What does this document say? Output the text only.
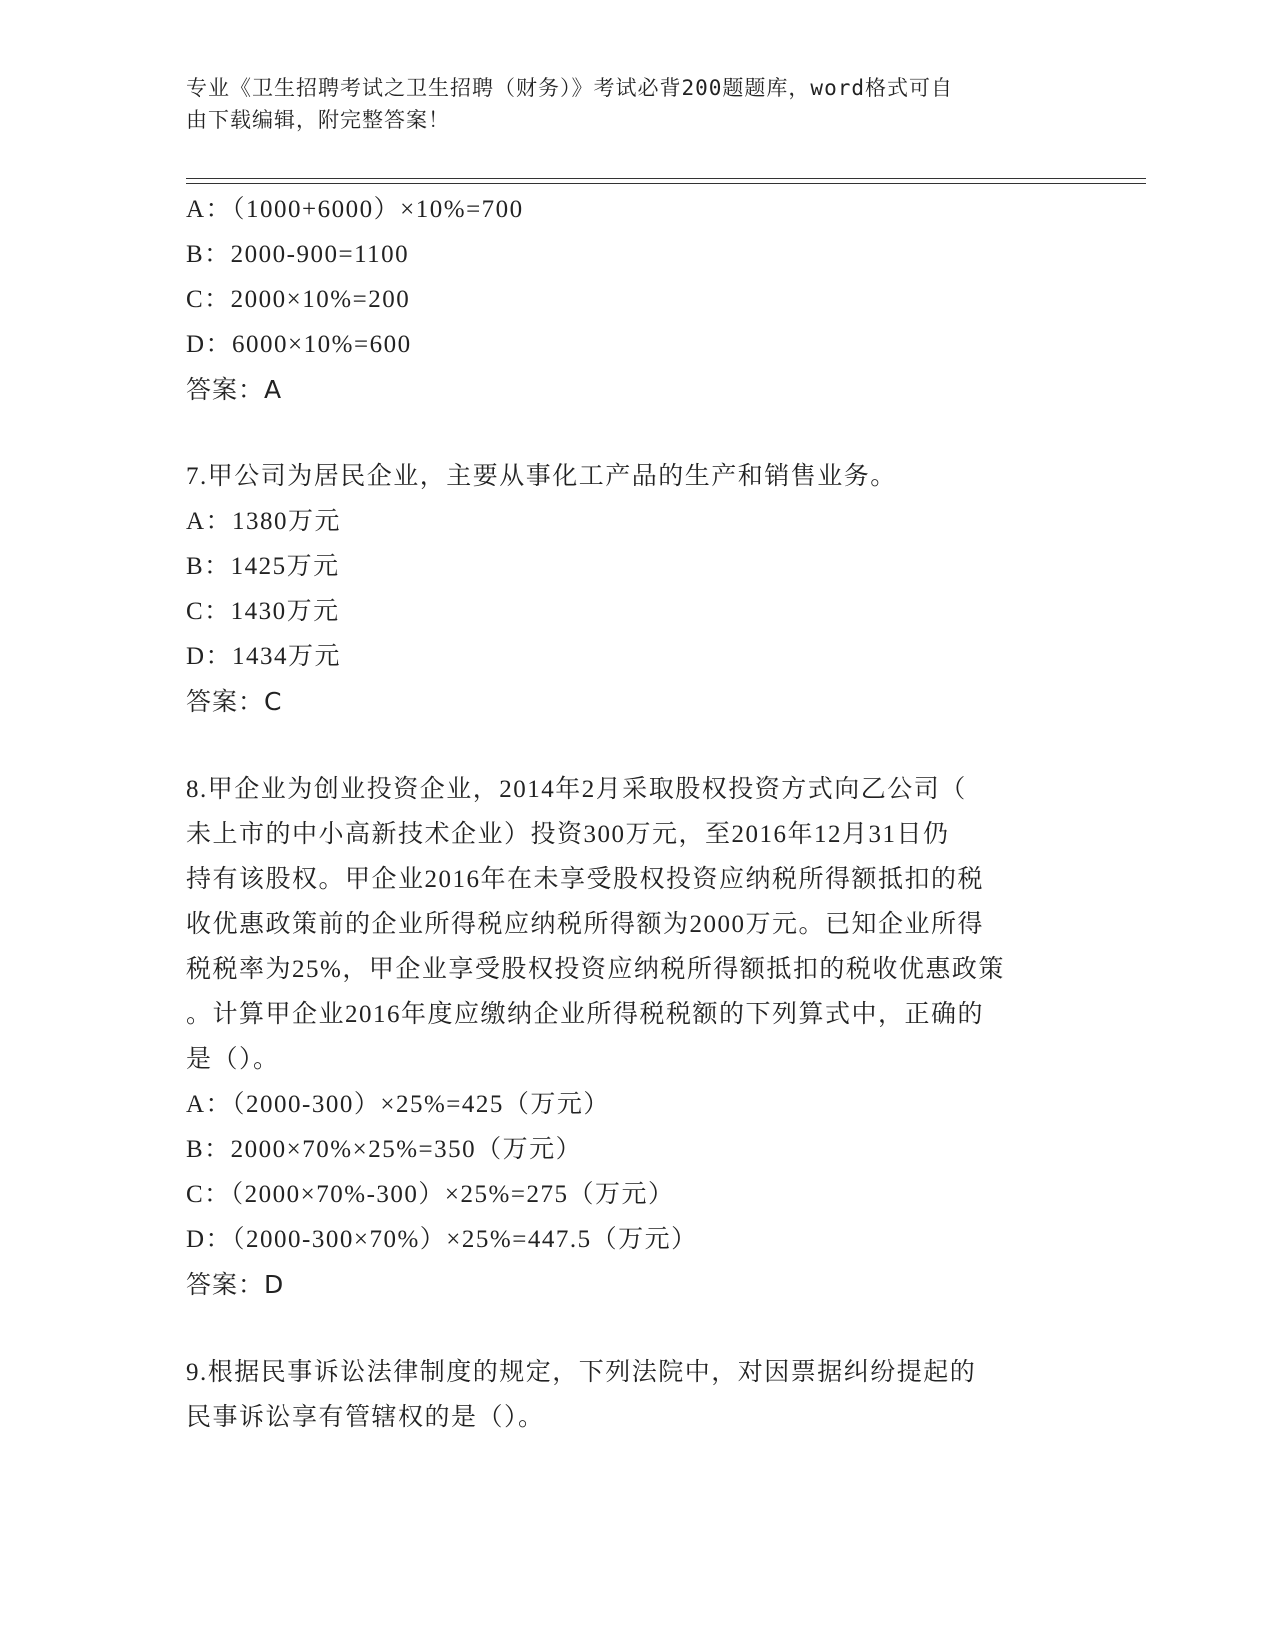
专业《卫生招聘考试之卫生招聘（财务）》考试必背200题题库，word格式可自
由下载编辑，附完整答案！
A：（1000+6000）×10%=700
B：2000-900=1100
C：2000×10%=200
D：6000×10%=600
答案：A
7.甲公司为居民企业，主要从事化工产品的生产和销售业务。
A：1380万元
B：1425万元
C：1430万元
D：1434万元
答案：C
8.甲企业为创业投资企业，2014年2月采取股权投资方式向乙公司（
未上市的中小高新技术企业）投资300万元，至2016年12月31日仍
持有该股权。甲企业2016年在未享受股权投资应纳税所得额抵扣的税
收优惠政策前的企业所得税应纳税所得额为2000万元。已知企业所得
税税率为25%，甲企业享受股权投资应纳税所得额抵扣的税收优惠政策
。计算甲企业2016年度应缴纳企业所得税税额的下列算式中，正确的
是（）。
A：（2000-300）×25%=425（万元）
B：2000×70%×25%=350（万元）
C：（2000×70%-300）×25%=275（万元）
D：（2000-300×70%）×25%=447.5（万元）
答案：D
9.根据民事诉讼法律制度的规定，下列法院中，对因票据纠纷提起的
民事诉讼享有管辖权的是（）。
